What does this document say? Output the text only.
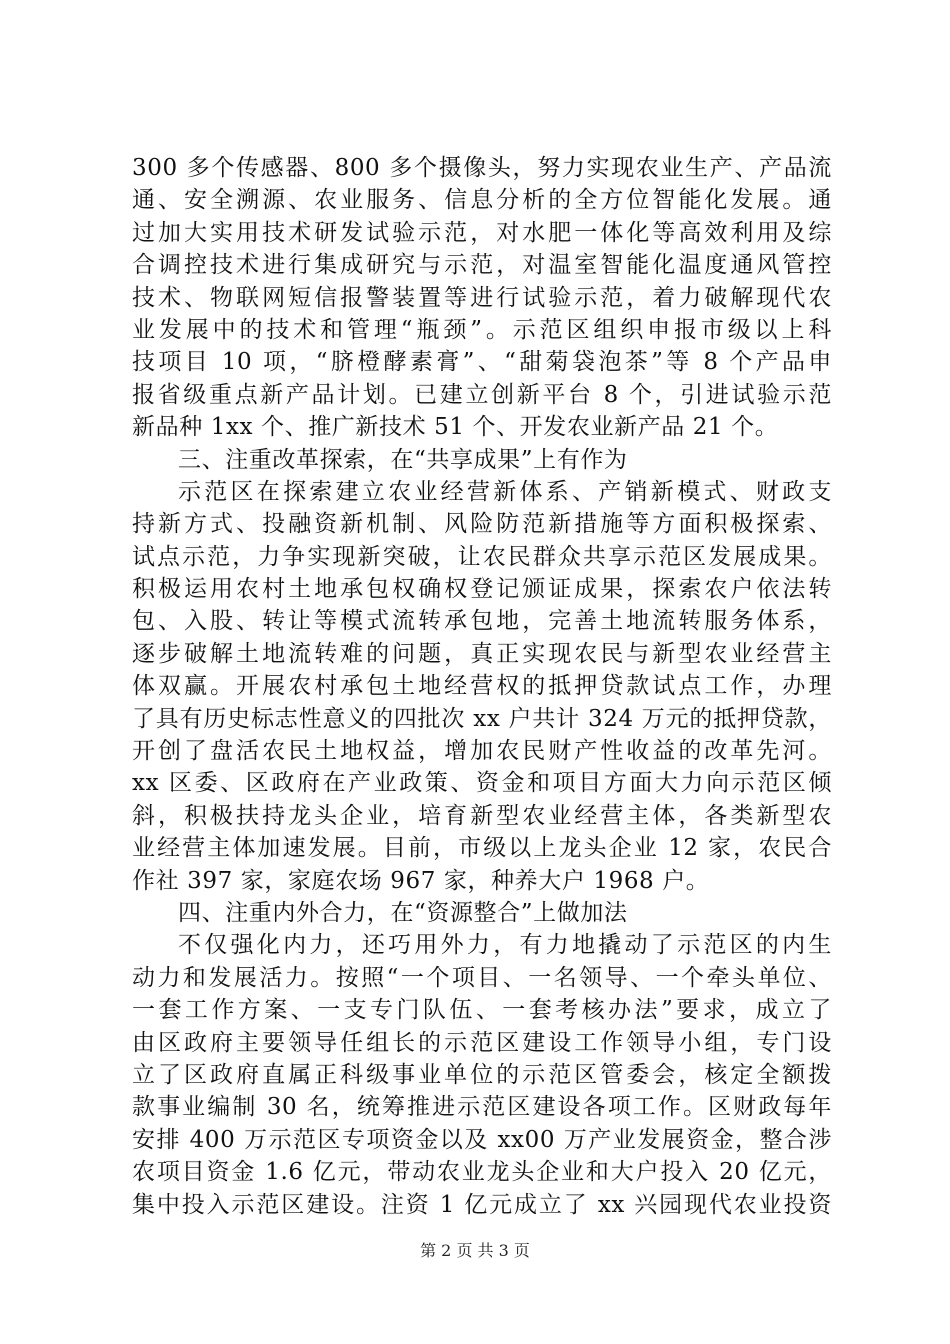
300 多个传感器、800 多个摄像头，努力实现农业生产、产品流
通、安全溯源、农业服务、信息分析的全方位智能化发展。通
过加大实用技术研发试验示范，对水肥一体化等高效利用及综
合调控技术进行集成研究与示范，对温室智能化温度通风管控
技术、物联网短信报警装置等进行试验示范，着力破解现代农
业发展中的技术和管理“瓶颈”。示范区组织申报市级以上科
技项目 10 项，“脐橙酵素膏”、“甜菊袋泡茶”等 8 个产品申
报省级重点新产品计划。已建立创新平台 8 个，引进试验示范
新品种 1xx 个、推广新技术 51 个、开发农业新产品 21 个。
三、注重改革探索，在“共享成果”上有作为
示范区在探索建立农业经营新体系、产销新模式、财政支
持新方式、投融资新机制、风险防范新措施等方面积极探索、
试点示范，力争实现新突破，让农民群众共享示范区发展成果。
积极运用农村土地承包权确权登记颁证成果，探索农户依法转
包、入股、转让等模式流转承包地，完善土地流转服务体系，
逐步破解土地流转难的问题，真正实现农民与新型农业经营主
体双赢。开展农村承包土地经营权的抵押贷款试点工作，办理
了具有历史标志性意义的四批次 xx 户共计 324 万元的抵押贷款，
开创了盘活农民土地权益，增加农民财产性收益的改革先河。
xx 区委、区政府在产业政策、资金和项目方面大力向示范区倾
斜，积极扶持龙头企业，培育新型农业经营主体，各类新型农
业经营主体加速发展。目前，市级以上龙头企业 12 家，农民合
作社 397 家，家庭农场 967 家，种养大户 1968 户。
四、注重内外合力，在“资源整合”上做加法
不仅强化内力，还巧用外力，有力地撬动了示范区的内生
动力和发展活力。按照“一个项目、一名领导、一个牵头单位、
一套工作方案、一支专门队伍、一套考核办法”要求，成立了
由区政府主要领导任组长的示范区建设工作领导小组，专门设
立了区政府直属正科级事业单位的示范区管委会，核定全额拨
款事业编制 30 名，统筹推进示范区建设各项工作。区财政每年
安排 400 万示范区专项资金以及 xx00 万产业发展资金，整合涉
农项目资金 1.6 亿元，带动农业龙头企业和大户投入 20 亿元，
集中投入示范区建设。注资 1 亿元成立了 xx 兴园现代农业投资
第 2 页 共 3 页
